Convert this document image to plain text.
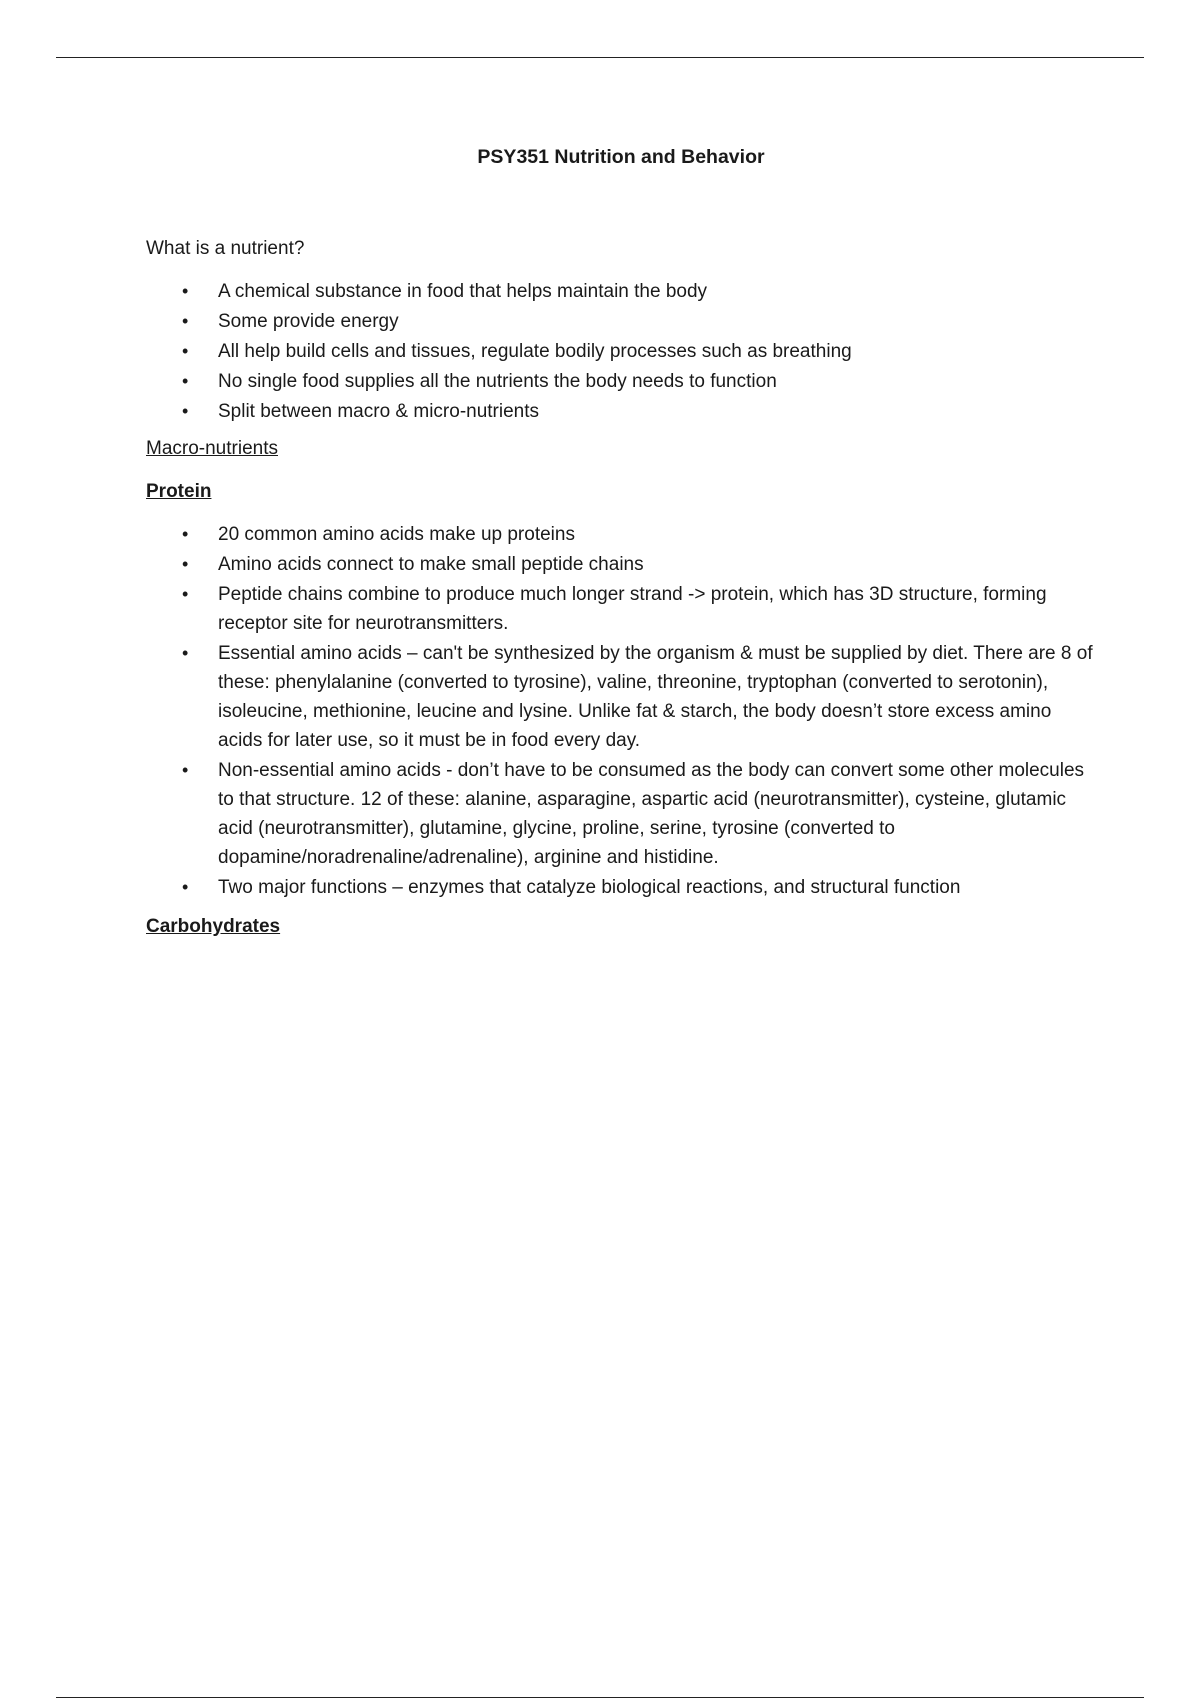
PSY351 Nutrition and Behavior

What is a nutrient?

• A chemical substance in food that helps maintain the body
• Some provide energy
• All help build cells and tissues, regulate bodily processes such as breathing
• No single food supplies all the nutrients the body needs to function
• Split between macro & micro-nutrients

Macro-nutrients

Protein

• 20 common amino acids make up proteins
• Amino acids connect to make small peptide chains
• Peptide chains combine to produce much longer strand -> protein, which has 3D structure, forming receptor site for neurotransmitters.
• Essential amino acids – can't be synthesized by the organism & must be supplied by diet. There are 8 of these: phenylalanine (converted to tyrosine), valine, threonine, tryptophan (converted to serotonin), isoleucine, methionine, leucine and lysine. Unlike fat & starch, the body doesn’t store excess amino acids for later use, so it must be in food every day.
• Non-essential amino acids - don’t have to be consumed as the body can convert some other molecules to that structure. 12 of these: alanine, asparagine, aspartic acid (neurotransmitter), cysteine, glutamic acid (neurotransmitter), glutamine, glycine, proline, serine, tyrosine (converted to dopamine/noradrenaline/adrenaline), arginine and histidine.
• Two major functions – enzymes that catalyze biological reactions, and structural function

Carbohydrates
